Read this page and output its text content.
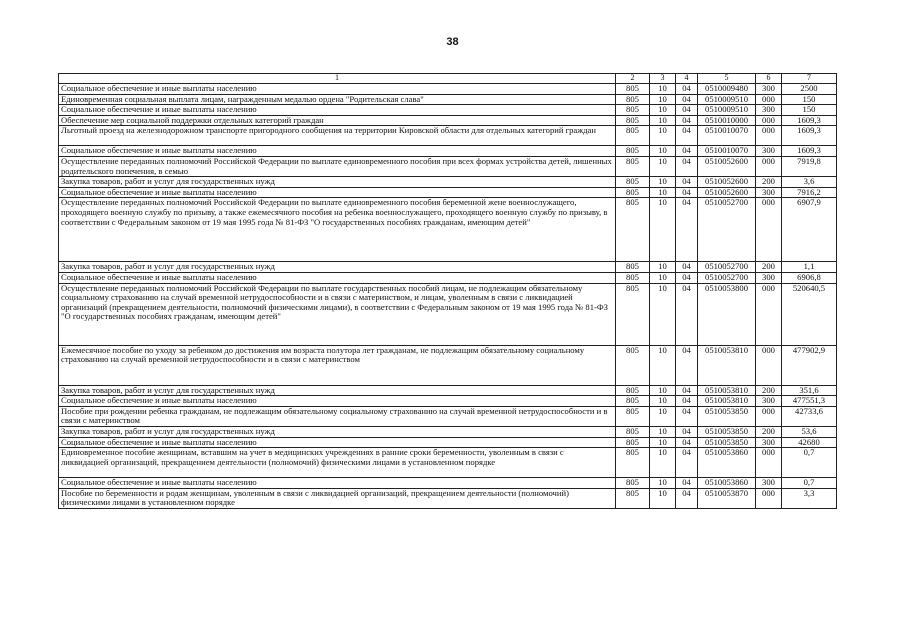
38
1	2	3	4	5	6	7
Социальное обеспечение и иные выплаты населению	805	10	04	0510009480	300	2500
Единовременная социальная выплата лицам, награжденным медалью ордена "Родительская слава"	805	10	04	0510009510	000	150
Социальное обеспечение и иные выплаты населению	805	10	04	0510009510	300	150
Обеспечение мер социальной поддержки отдельных категорий граждан	805	10	04	0510010000	000	1609,3
Льготный проезд на железнодорожном транспорте пригородного сообщения на территории Кировской области для отдельных категорий граждан	805	10	04	0510010070	000	1609,3
Социальное обеспечение и иные выплаты населению	805	10	04	0510010070	300	1609,3
Осуществление переданных полномочий Российской Федерации по выплате единовременного пособия при всех формах устройства детей, лишенных родительского попечения, в семью	805	10	04	0510052600	000	7919,8
Закупка товаров, работ и услуг для государственных нужд	805	10	04	0510052600	200	3,6
Социальное обеспечение и иные выплаты населению	805	10	04	0510052600	300	7916,2
Осуществление переданных полномочий Российской Федерации по выплате единовременного пособия беременной жене военнослужащего, проходящего военную службу по призыву, а также ежемесячного пособия на ребенка военнослужащего, проходящего военную службу по призыву, в соответствии с Федеральным законом от 19 мая 1995 года № 81-ФЗ "О государственных пособиях гражданам, имеющим детей"	805	10	04	0510052700	000	6907,9
Закупка товаров, работ и услуг для государственных нужд	805	10	04	0510052700	200	1,1
Социальное обеспечение и иные выплаты населению	805	10	04	0510052700	300	6906,8
Осуществление переданных полномочий Российской Федерации по выплате государственных пособий лицам, не подлежащим обязательному социальному страхованию на случай временной нетрудоспособности и в связи с материнством, и лицам, уволенным в связи с ликвидацией организаций (прекращением деятельности, полномочий физическими лицами), в соответствии с Федеральным законом от 19 мая 1995 года № 81-ФЗ "О государственных пособиях гражданам, имеющим детей"	805	10	04	0510053800	000	520640,5
Ежемесячное пособие по уходу за ребенком до достижения им возраста полутора лет гражданам, не подлежащим обязательному социальному страхованию на случай временной нетрудоспособности и в связи с материнством	805	10	04	0510053810	000	477902,9
Закупка товаров, работ и услуг для государственных нужд	805	10	04	0510053810	200	351,6
Социальное обеспечение и иные выплаты населению	805	10	04	0510053810	300	477551,3
Пособие при рождении ребенка гражданам, не подлежащим обязательному социальному страхованию на случай временной нетрудоспособности и в связи с материнством	805	10	04	0510053850	000	42733,6
Закупка товаров, работ и услуг для государственных нужд	805	10	04	0510053850	200	53,6
Социальное обеспечение и иные выплаты населению	805	10	04	0510053850	300	42680
Единовременное пособие женщинам, вставшим на учет в медицинских учреждениях в ранние сроки беременности, уволенным в связи с ликвидацией организаций, прекращением деятельности (полномочий) физическими лицами в установленном порядке	805	10	04	0510053860	000	0,7
Социальное обеспечение и иные выплаты населению	805	10	04	0510053860	300	0,7
Пособие по беременности и родам женщинам, уволенным в связи с ликвидацией организаций, прекращением деятельности (полномочий) физическими лицами в установленном порядке	805	10	04	0510053870	000	3,3
